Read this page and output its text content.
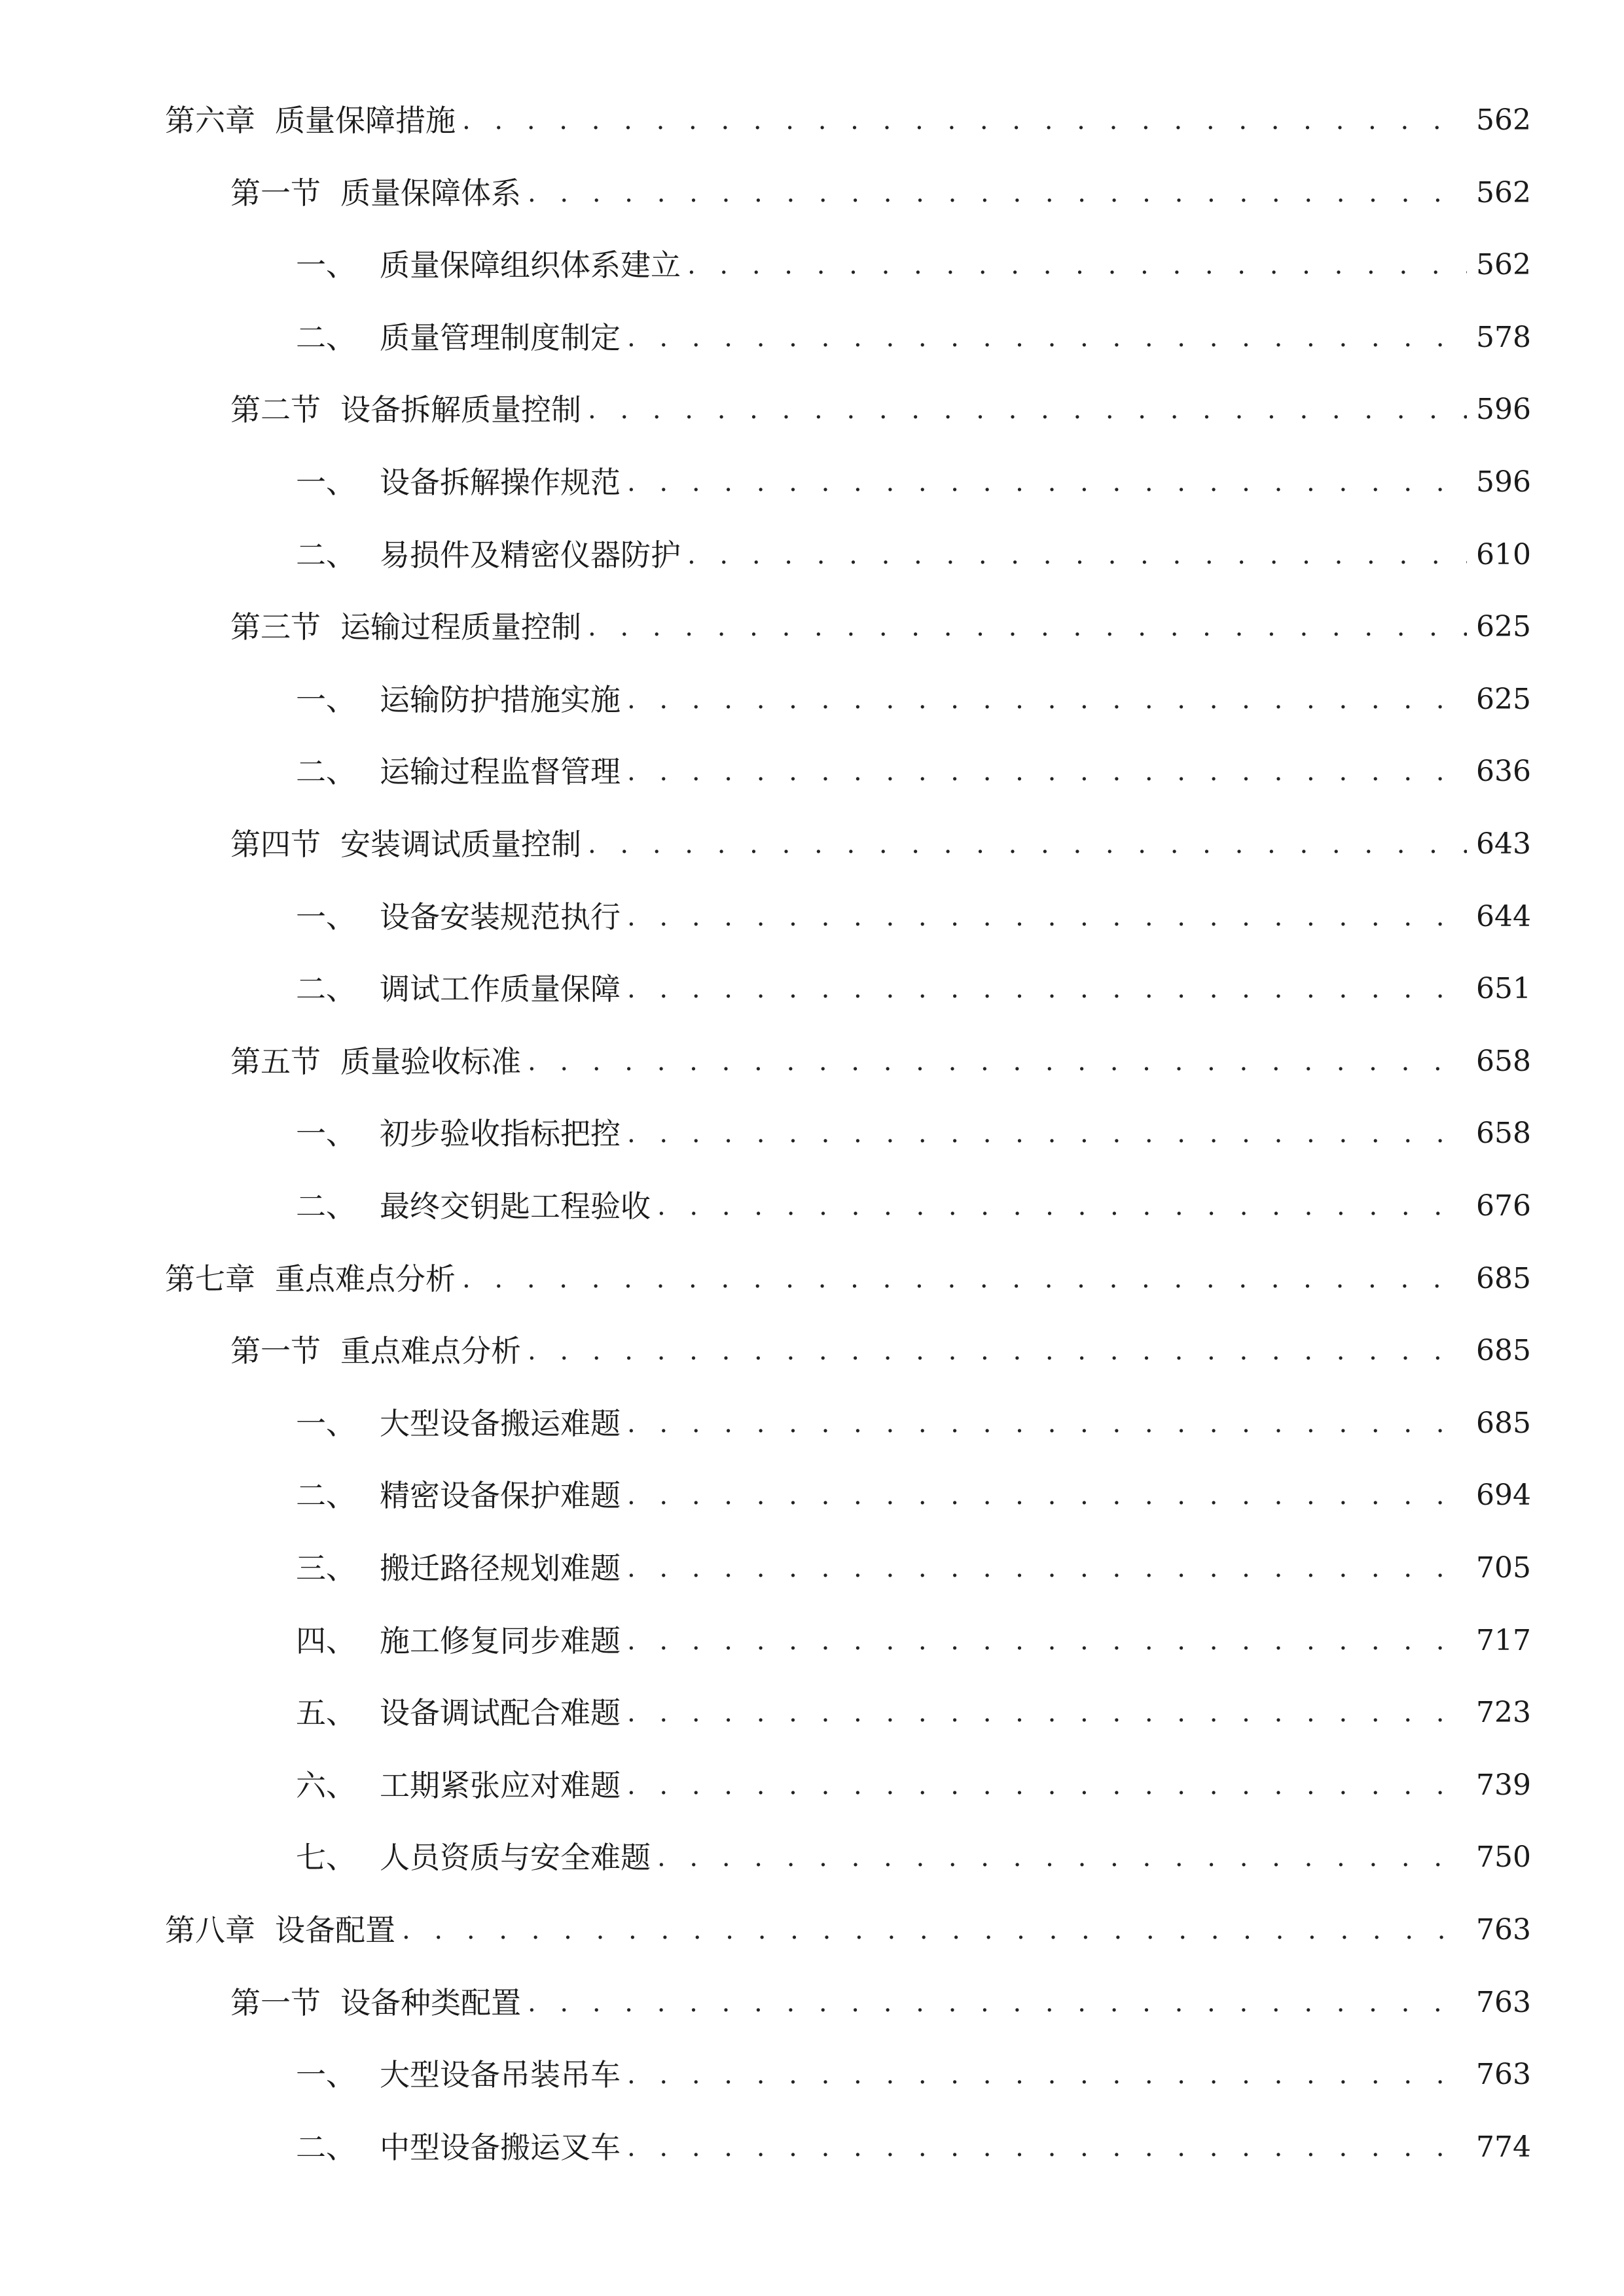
第六章 质量保障措施 . . .	562
第一节 质量保障体系 . . .	562
一、 质量保障组织体系建立 . . .	562
二、 质量管理制度制定 . . .	578
第二节 设备拆解质量控制 . . .	596
一、 设备拆解操作规范 . . .	596
二、 易损件及精密仪器防护 . . .	610
第三节 运输过程质量控制 . . .	625
一、 运输防护措施实施 . . .	625
二、 运输过程监督管理 . . .	636
第四节 安装调试质量控制 . . .	643
一、 设备安装规范执行 . . .	644
二、 调试工作质量保障 . . .	651
第五节 质量验收标准 . . .	658
一、 初步验收指标把控 . . .	658
二、 最终交钥匙工程验收 . . .	676
第七章 重点难点分析 . . .	685
第一节 重点难点分析 . . .	685
一、 大型设备搬运难题 . . .	685
二、 精密设备保护难题 . . .	694
三、 搬迁路径规划难题 . . .	705
四、 施工修复同步难题 . . .	717
五、 设备调试配合难题 . . .	723
六、 工期紧张应对难题 . . .	739
七、 人员资质与安全难题 . . .	750
第八章 设备配置 . . .	763
第一节 设备种类配置 . . .	763
一、 大型设备吊装吊车 . . .	763
二、 中型设备搬运叉车 . . .	774
